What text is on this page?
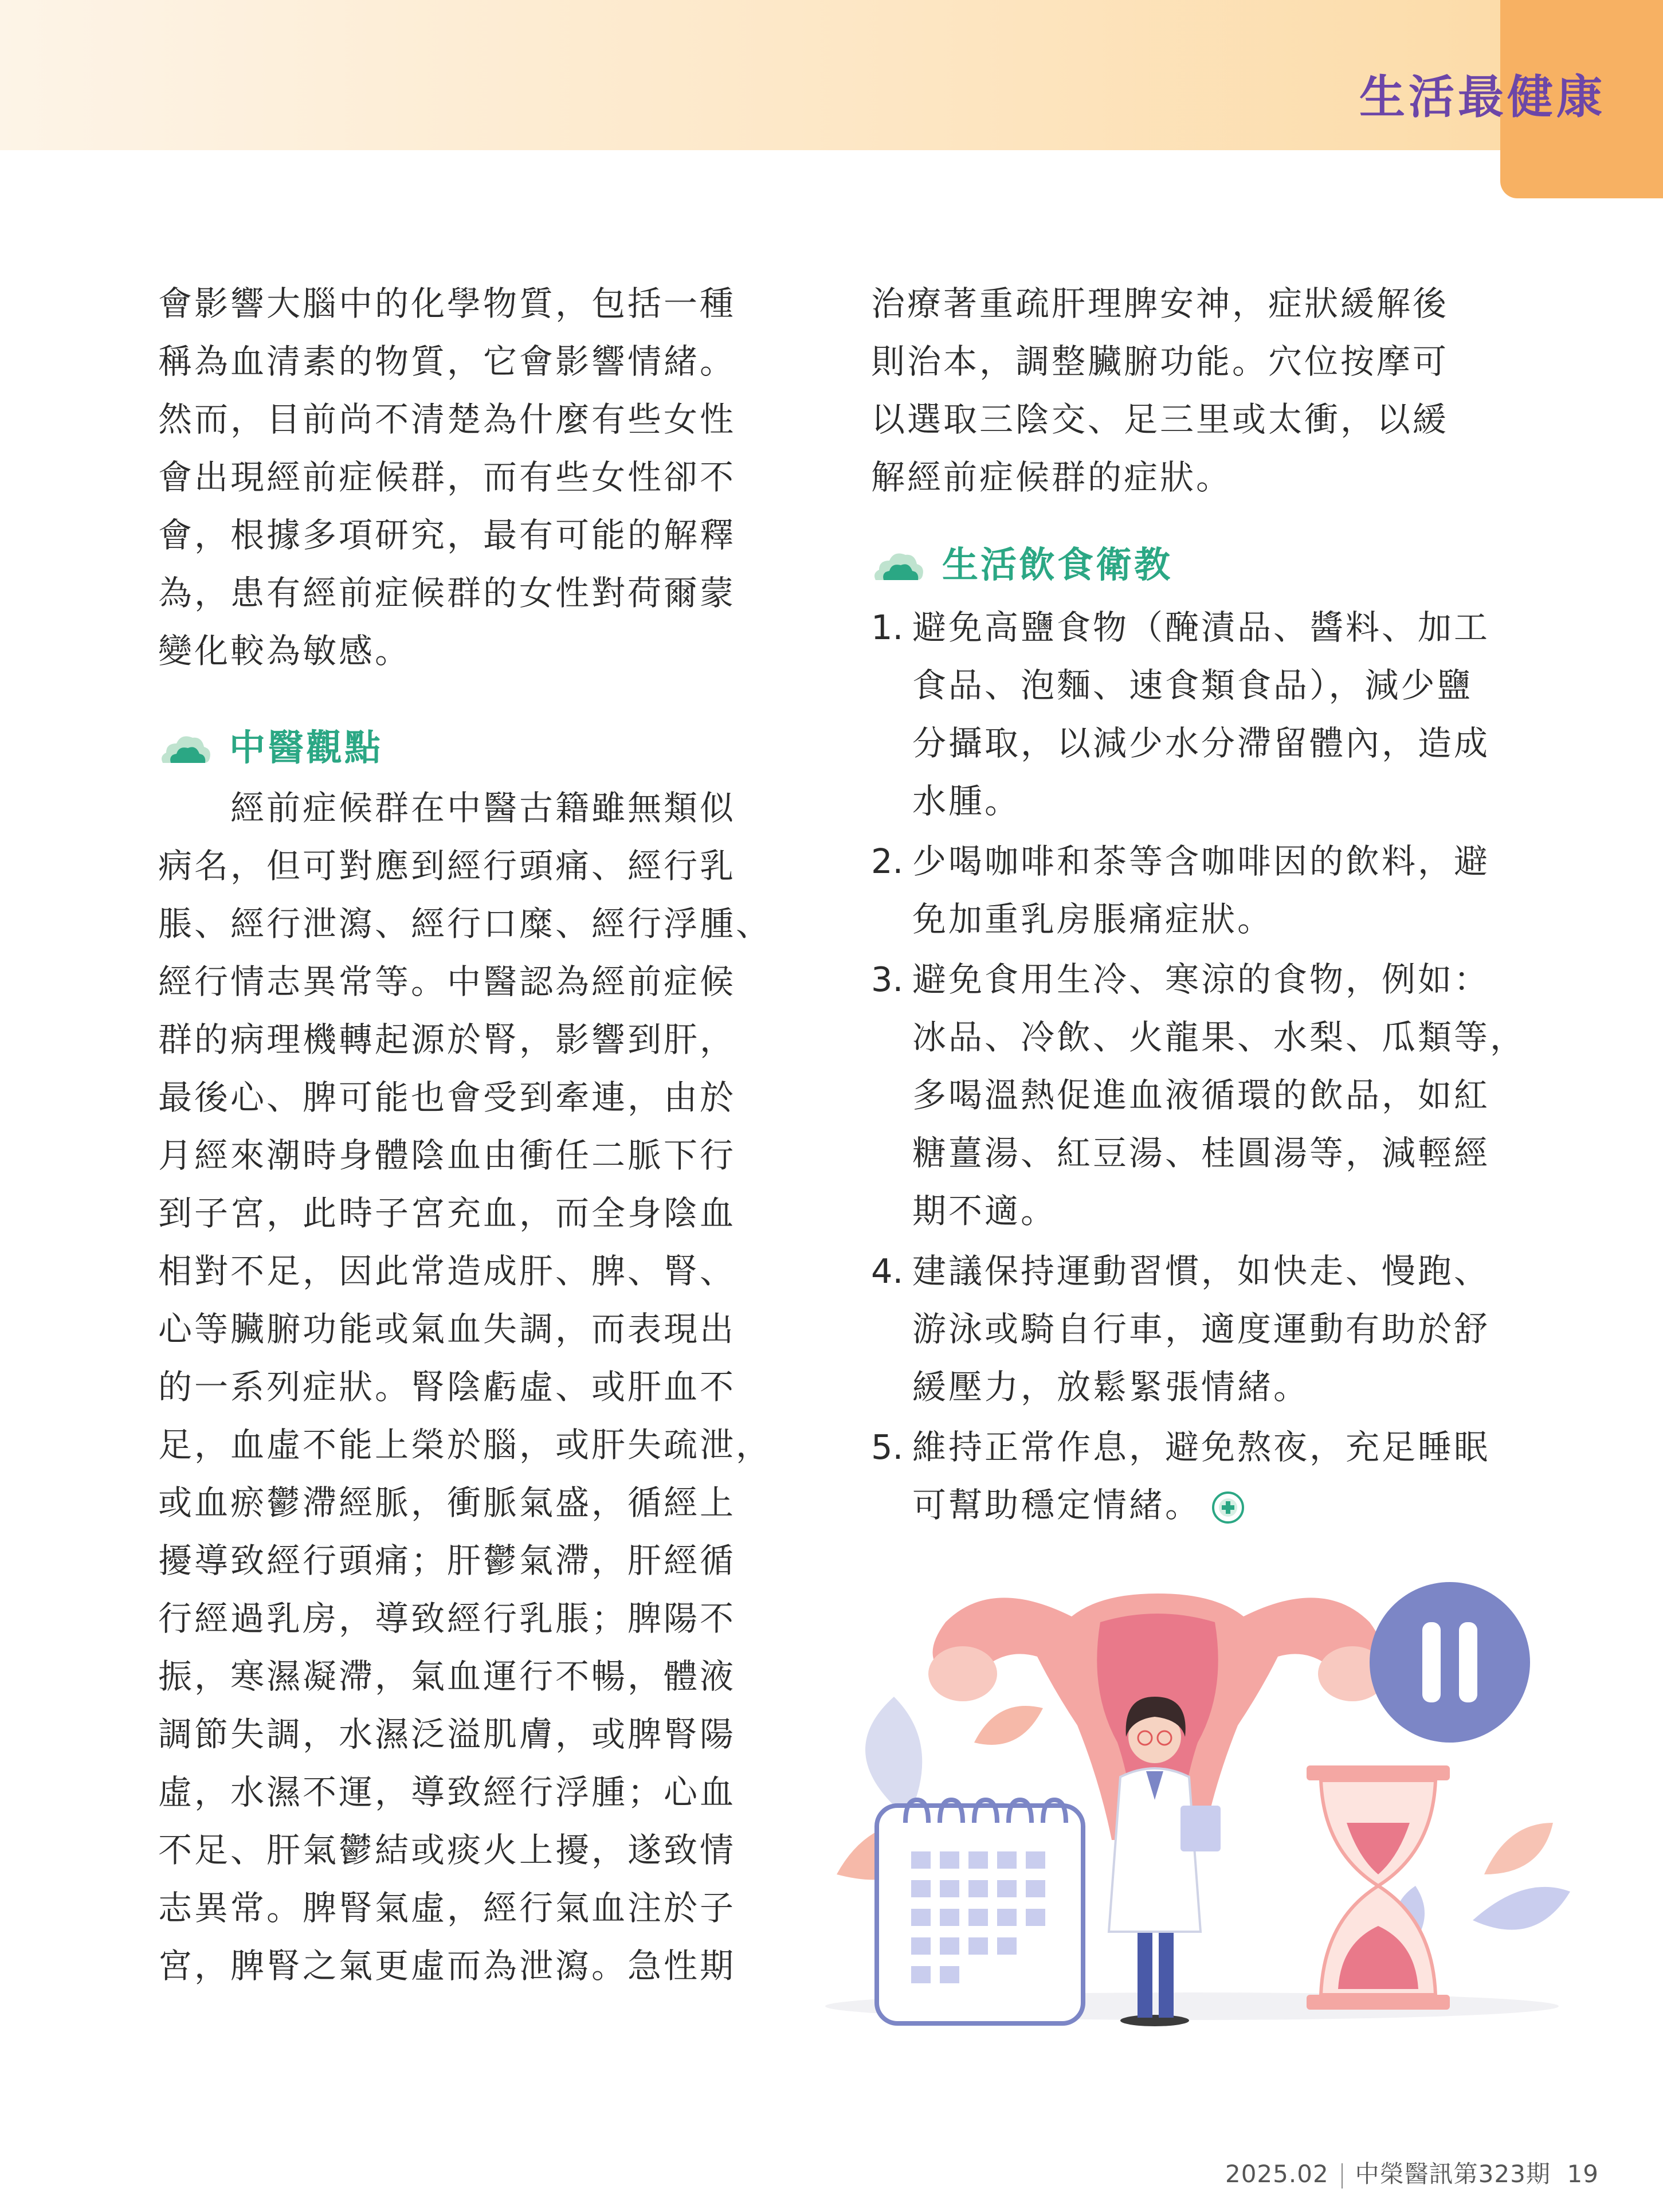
生活最健康

會影響大腦中的化學物質，包括一種

稱為血清素的物質，它會影響情緒。

然而，目前尚不清楚為什麼有些女性

會出現經前症候群，而有些女性卻不

會，根據多項研究，最有可能的解釋

為，患有經前症候群的女性對荷爾蒙

變化較為敏感。

中醫觀點

　　經前症候群在中醫古籍雖無類似

病名，但可對應到經行頭痛、經行乳

脹、經行泄瀉、經行口糜、經行浮腫、

經行情志異常等。中醫認為經前症候

群的病理機轉起源於腎，影響到肝，

最後心、脾可能也會受到牽連，由於

月經來潮時身體陰血由衝任二脈下行

到子宮，此時子宮充血，而全身陰血

相對不足，因此常造成肝、脾、腎、

心等臟腑功能或氣血失調，而表現出

的一系列症狀。腎陰虧虛、或肝血不

足，血虛不能上榮於腦，或肝失疏泄，

或血瘀鬱滯經脈，衝脈氣盛，循經上

擾導致經行頭痛；肝鬱氣滯，肝經循

行經過乳房，導致經行乳脹；脾陽不

振，寒濕凝滯，氣血運行不暢，體液

調節失調，水濕泛溢肌膚，或脾腎陽

虛，水濕不運，導致經行浮腫；心血

不足、肝氣鬱結或痰火上擾，遂致情

志異常。脾腎氣虛，經行氣血注於子

宮，脾腎之氣更虛而為泄瀉。急性期

治療著重疏肝理脾安神，症狀緩解後

則治本，調整臟腑功能。穴位按摩可

以選取三陰交、足三里或太衝，以緩

解經前症候群的症狀。

生活飲食衛教
1. 避免高鹽食物（醃漬品、醬料、加工

食品、泡麵、速食類食品），減少鹽

分攝取，以減少水分滯留體內，造成

水腫。

2. 少喝咖啡和茶等含咖啡因的飲料，避

免加重乳房脹痛症狀。

3. 避免食用生冷、寒涼的食物，例如：

冰品、冷飲、火龍果、水梨、瓜類等，

多喝溫熱促進血液循環的飲品，如紅

糖薑湯、紅豆湯、桂圓湯等，減輕經

期不適。

4. 建議保持運動習慣，如快走、慢跑、

游泳或騎自行車，適度運動有助於舒

緩壓力，放鬆緊張情緒。

5. 維持正常作息，避免熬夜，充足睡眠

可幫助穩定情緒。

2025.02 中榮醫訊第323期 19
